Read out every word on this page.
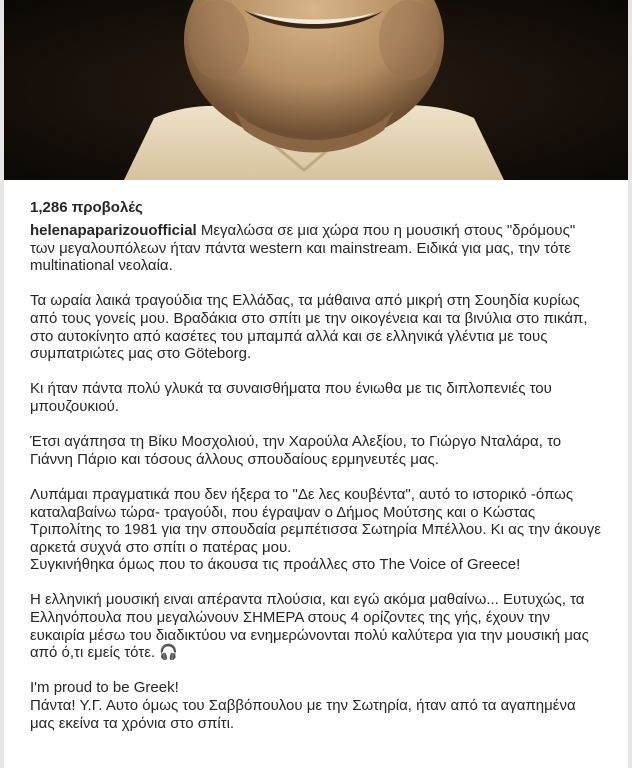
1,286 προβολές

helenapaparizouofficial Μεγαλώσα σε μια χώρα που η μουσική στους "δρόμους" των μεγαλουπόλεων ήταν πάντα western και mainstream. Ειδικά για μας, την τότε multinational νεολαία.

Τα ωραία λαικά τραγούδια της Ελλάδας, τα μάθαινα από μικρή στη Σουηδία κυρίως από τους γονείς μου. Βραδάκια στο σπίτι με την οικογένεια και τα βινύλια στο πικάπ, στο αυτοκίνητο από κασέτες του μπαμπά αλλά και σε ελληνικά γλέντια με τους συμπατριώτες μας στο Göteborg.

Κι ήταν πάντα πολύ γλυκά τα συναισθήματα που ένιωθα με τις διπλοπενιές του μπουζουκιού.

Έτσι αγάπησα τη Βίκυ Μοσχολιού, την Χαρούλα Αλεξίου, το Γιώργο Νταλάρα, το Γιάννη Πάριο και τόσους άλλους σπουδαίους ερμηνευτές μας.

Λυπάμαι πραγματικά που δεν ήξερα το "Δε λες κουβέντα", αυτό το ιστορικό -όπως καταλαβαίνω τώρα- τραγούδι, που έγραψαν ο Δήμος Μούτσης και ο Κώστας Τριπολίτης το 1981 για την σπουδαία ρεμπέτισσα Σωτηρία Μπέλλου. Κι ας την άκουγε αρκετά συχνά στο σπίτι ο πατέρας μου.
Συγκινήθηκα όμως που το άκουσα τις προάλλες στο The Voice of Greece!

Η ελληνική μουσική ειναι απέραντα πλούσια, και εγώ ακόμα μαθαίνω... Ευτυχώς, τα Ελληνόπουλα που μεγαλώνουν ΣΗΜΕΡΑ στους 4 ορίζοντες της γής, έχουν την ευκαιρία μέσω του διαδικτύου να ενημερώνονται πολύ καλύτερα για την μουσική μας από ό,τι εμείς τότε. 🎧

I'm proud to be Greek!
Πάντα! Υ.Γ. Αυτο όμως του Σαββόπουλου με την Σωτηρία, ήταν από τα αγαπημένα μας εκείνα τα χρόνια στο σπίτι.
